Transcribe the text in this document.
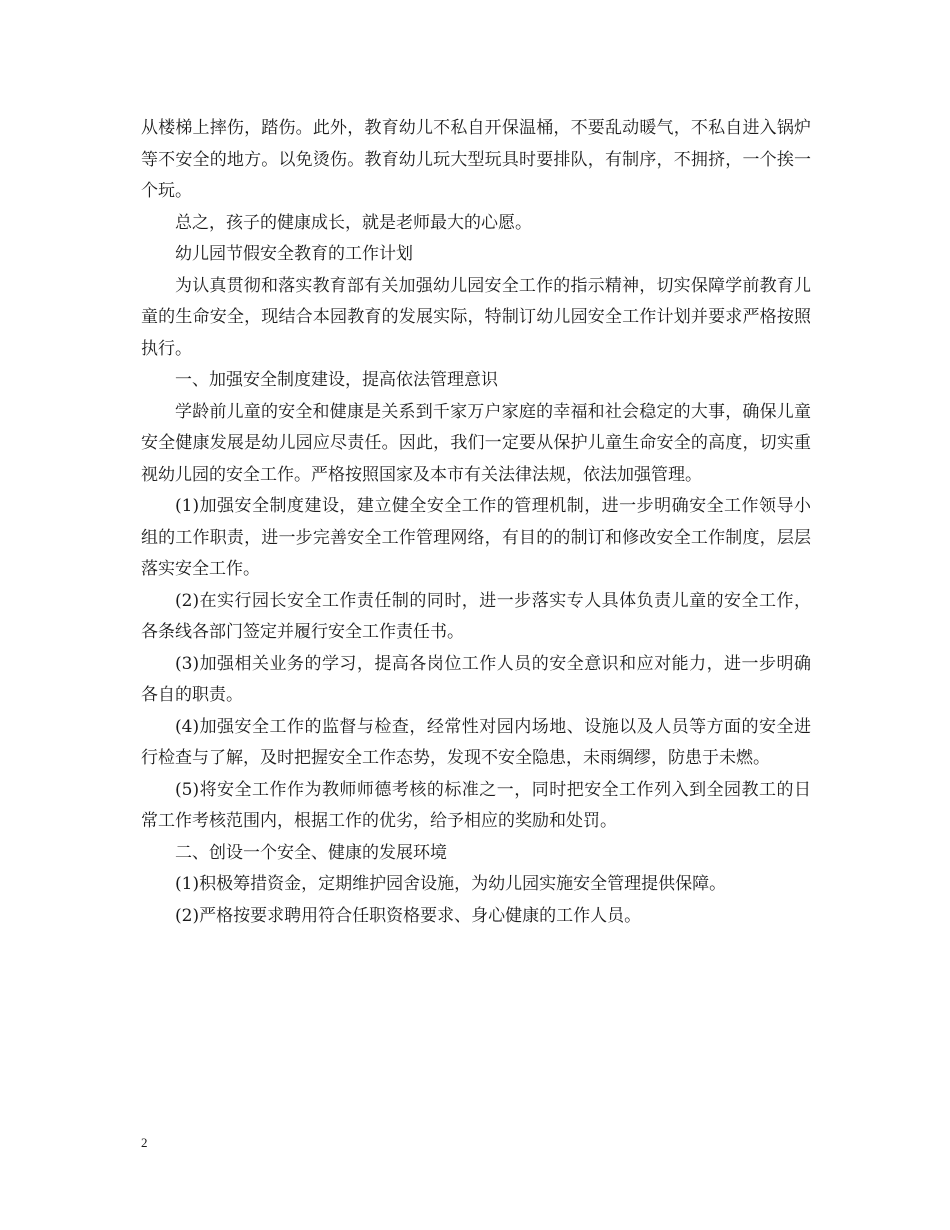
从楼梯上摔伤，踏伤。此外，教育幼儿不私自开保温桶，不要乱动暖气，不私自进入锅炉等不安全的地方。以免烫伤。教育幼儿玩大型玩具时要排队，有制序，不拥挤，一个挨一个玩。

总之，孩子的健康成长，就是老师最大的心愿。

幼儿园节假安全教育的工作计划

为认真贯彻和落实教育部有关加强幼儿园安全工作的指示精神，切实保障学前教育儿童的生命安全，现结合本园教育的发展实际，特制订幼儿园安全工作计划并要求严格按照执行。

一、加强安全制度建设，提高依法管理意识

学龄前儿童的安全和健康是关系到千家万户家庭的幸福和社会稳定的大事，确保儿童安全健康发展是幼儿园应尽责任。因此，我们一定要从保护儿童生命安全的高度，切实重视幼儿园的安全工作。严格按照国家及本市有关法律法规，依法加强管理。

(1)加强安全制度建设，建立健全安全工作的管理机制，进一步明确安全工作领导小组的工作职责，进一步完善安全工作管理网络，有目的的制订和修改安全工作制度，层层落实安全工作。

(2)在实行园长安全工作责任制的同时，进一步落实专人具体负责儿童的安全工作，各条线各部门签定并履行安全工作责任书。

(3)加强相关业务的学习，提高各岗位工作人员的安全意识和应对能力，进一步明确各自的职责。

(4)加强安全工作的监督与检查，经常性对园内场地、设施以及人员等方面的安全进行检查与了解，及时把握安全工作态势，发现不安全隐患，未雨绸缪，防患于未燃。

(5)将安全工作作为教师师德考核的标准之一，同时把安全工作列入到全园教工的日常工作考核范围内，根据工作的优劣，给予相应的奖励和处罚。

二、创设一个安全、健康的发展环境

(1)积极筹措资金，定期维护园舍设施，为幼儿园实施安全管理提供保障。

(2)严格按要求聘用符合任职资格要求、身心健康的工作人员。

2
